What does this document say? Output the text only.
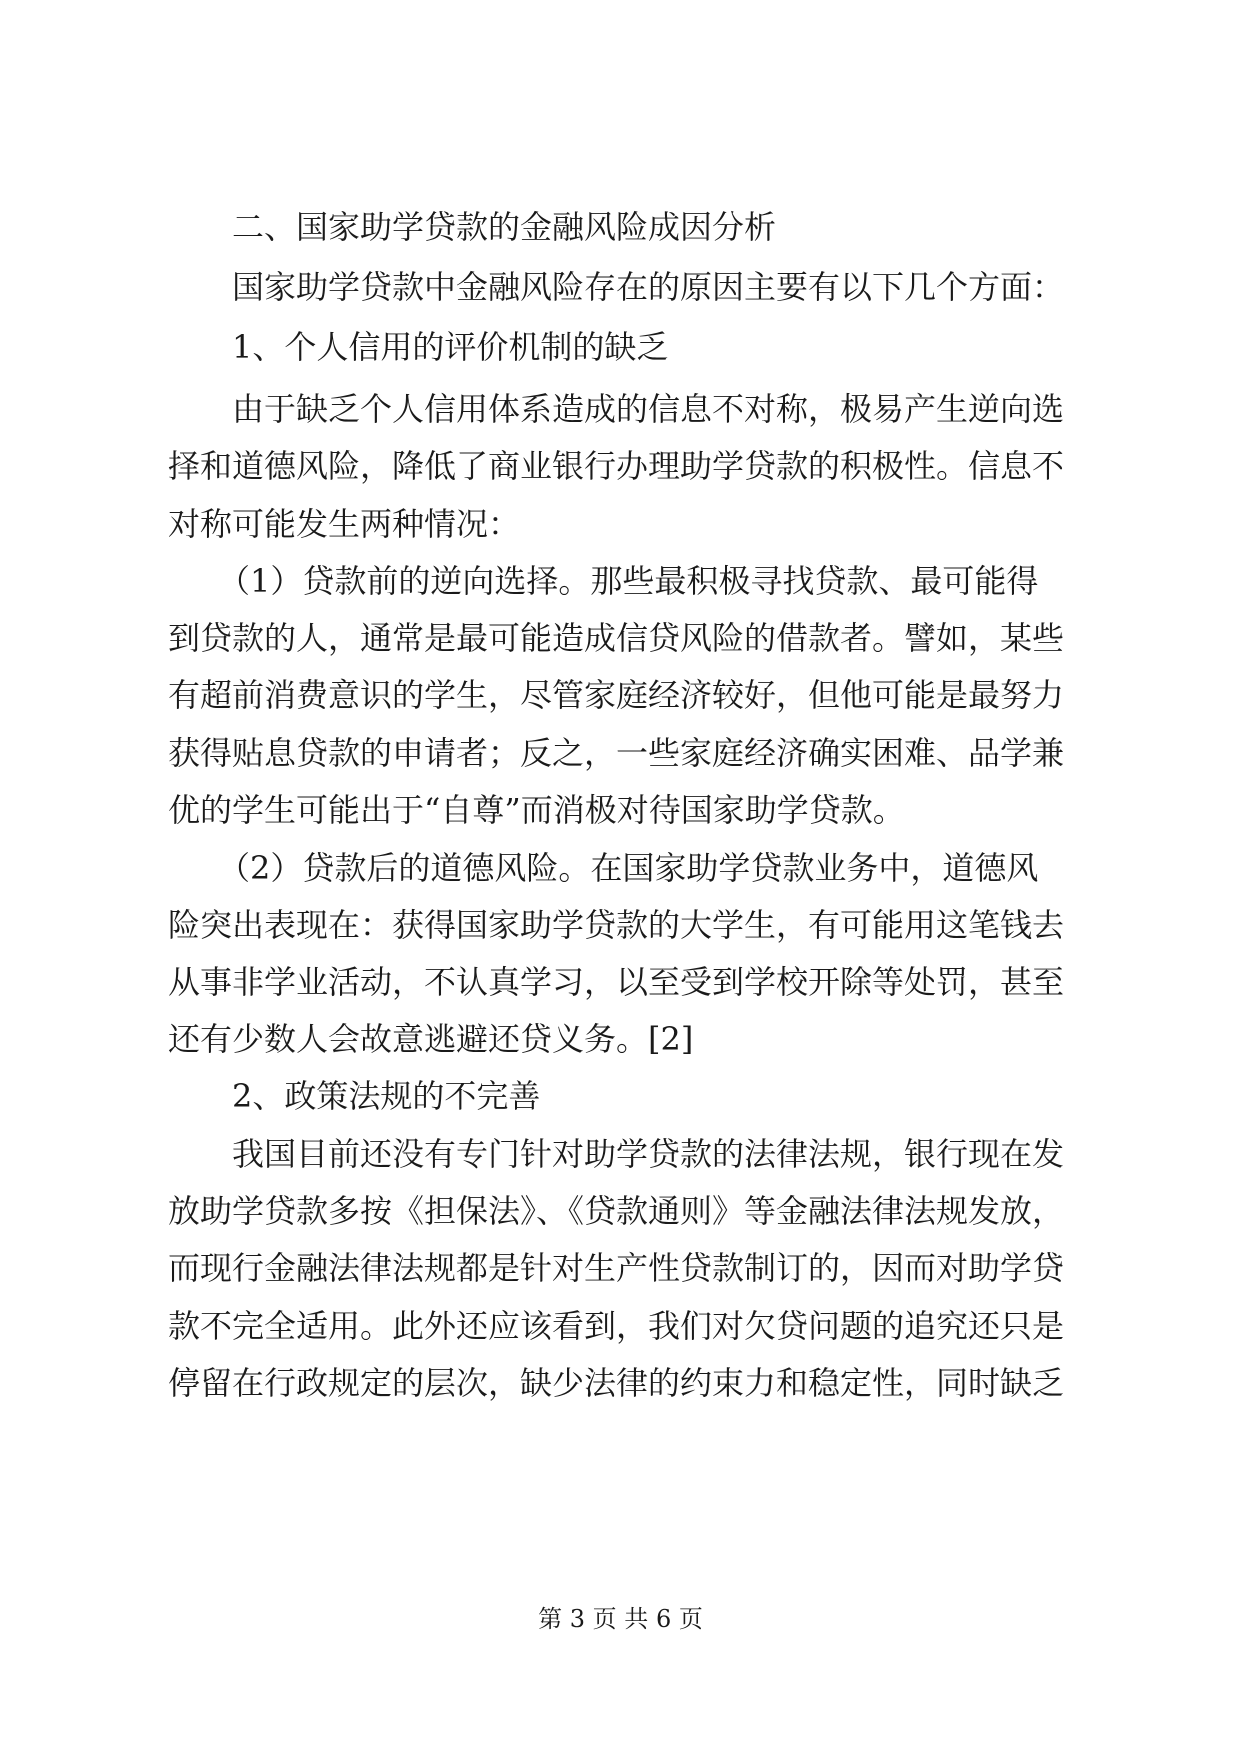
二、国家助学贷款的金融风险成因分析
国家助学贷款中金融风险存在的原因主要有以下几个方面：
1、个人信用的评价机制的缺乏
由于缺乏个人信用体系造成的信息不对称，极易产生逆向选
择和道德风险，降低了商业银行办理助学贷款的积极性。信息不
对称可能发生两种情况：
（1）贷款前的逆向选择。那些最积极寻找贷款、最可能得
到贷款的人，通常是最可能造成信贷风险的借款者。譬如，某些
有超前消费意识的学生，尽管家庭经济较好，但他可能是最努力
获得贴息贷款的申请者；反之，一些家庭经济确实困难、品学兼
优的学生可能出于“自尊”而消极对待国家助学贷款。
（2）贷款后的道德风险。在国家助学贷款业务中，道德风
险突出表现在：获得国家助学贷款的大学生，有可能用这笔钱去
从事非学业活动，不认真学习，以至受到学校开除等处罚，甚至
还有少数人会故意逃避还贷义务。[2]
2、政策法规的不完善
我国目前还没有专门针对助学贷款的法律法规，银行现在发
放助学贷款多按《担保法》、《贷款通则》等金融法律法规发放，
而现行金融法律法规都是针对生产性贷款制订的，因而对助学贷
款不完全适用。此外还应该看到，我们对欠贷问题的追究还只是
停留在行政规定的层次，缺少法律的约束力和稳定性，同时缺乏
第 3 页 共 6 页
